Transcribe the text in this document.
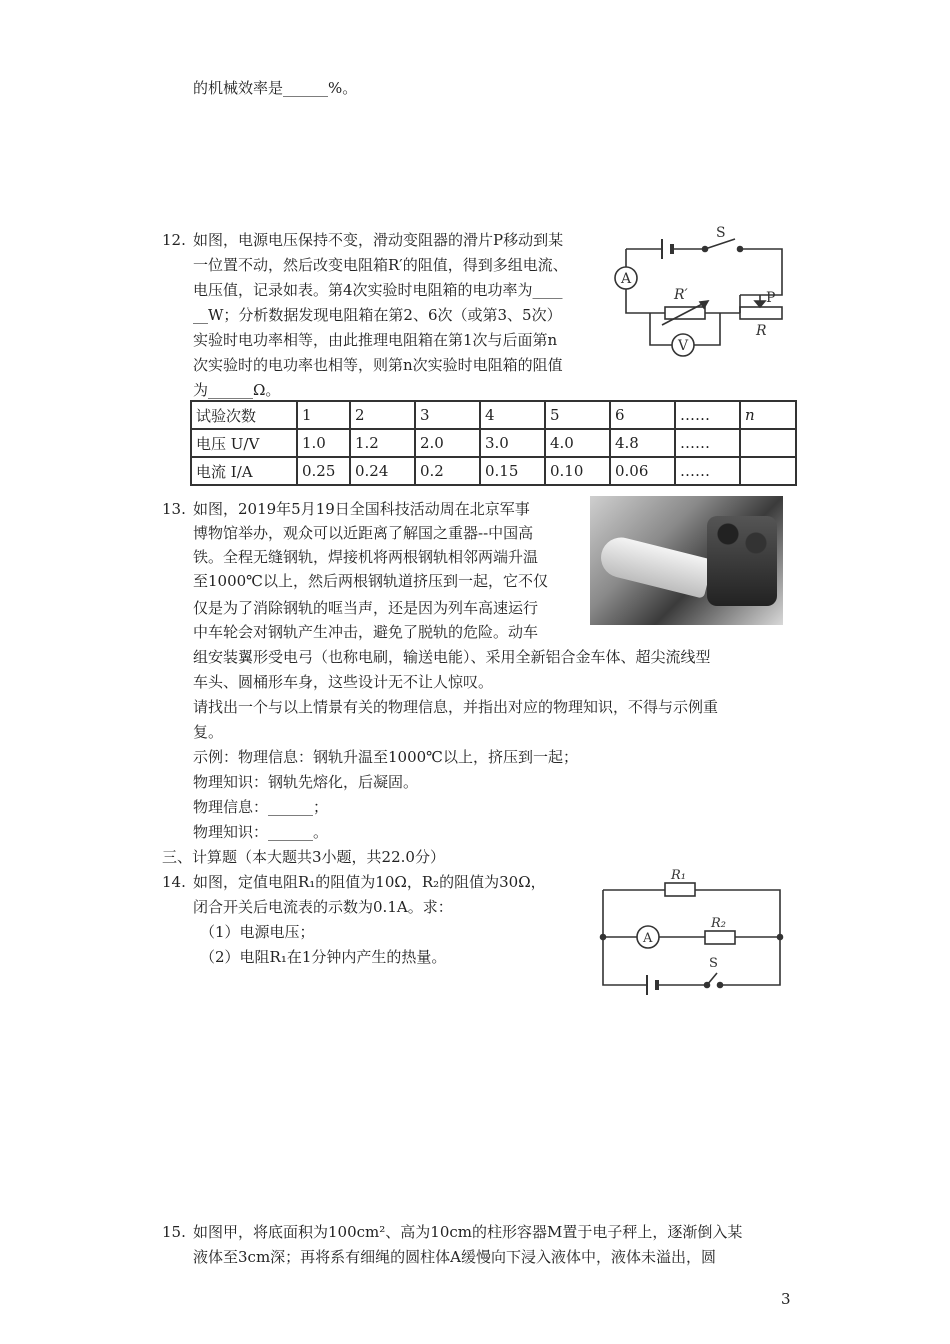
的机械效率是______%。
12. 如图，电源电压保持不变，滑动变阻器的滑片P移动到某
一位置不动，然后改变电阻箱R′的阻值，得到多组电流、
电压值，记录如表。第4次实验时电阻箱的电功率为____
__W；分析数据发现电阻箱在第2、6次（或第3、5次）
实验时电功率相等，由此推理电阻箱在第1次与后面第n
次实验时的电功率也相等，则第n次实验时电阻箱的阻值
为______Ω。
S
A
R′
V
P
R
试验次数	1	2	3	4	5	6	……	n
电压 U/V	1.0	1.2	2.0	3.0	4.0	4.8	……	
电流 I/A	0.25	0.24	0.2	0.15	0.10	0.06	……	
13. 如图，2019年5月19日全国科技活动周在北京军事
博物馆举办，观众可以近距离了解国之重器--中国高
铁。全程无缝钢轨，焊接机将两根钢轨相邻两端升温
至1000℃以上，然后两根钢轨道挤压到一起，它不仅
仅是为了消除钢轨的哐当声，还是因为列车高速运行
中车轮会对钢轨产生冲击，避免了脱轨的危险。动车
组安装翼形受电弓（也称电刷，输送电能）、采用全新铝合金车体、超尖流线型
车头、圆桶形车身，这些设计无不让人惊叹。
请找出一个与以上情景有关的物理信息，并指出对应的物理知识，不得与示例重
复。
示例：物理信息：钢轨升温至1000℃以上，挤压到一起；
物理知识：钢轨先熔化，后凝固。
物理信息：______；
物理知识：______。
三、计算题（本大题共3小题，共22.0分）
14. 如图，定值电阻R₁的阻值为10Ω，R₂的阻值为30Ω，
闭合开关后电流表的示数为0.1A。求：
（1）电源电压；
（2）电阻R₁在1分钟内产生的热量。
R₁
A
R₂
S
15. 如图甲，将底面积为100cm²、高为10cm的柱形容器M置于电子秤上，逐渐倒入某
液体至3cm深；再将系有细绳的圆柱体A缓慢向下浸入液体中，液体未溢出，圆
3
